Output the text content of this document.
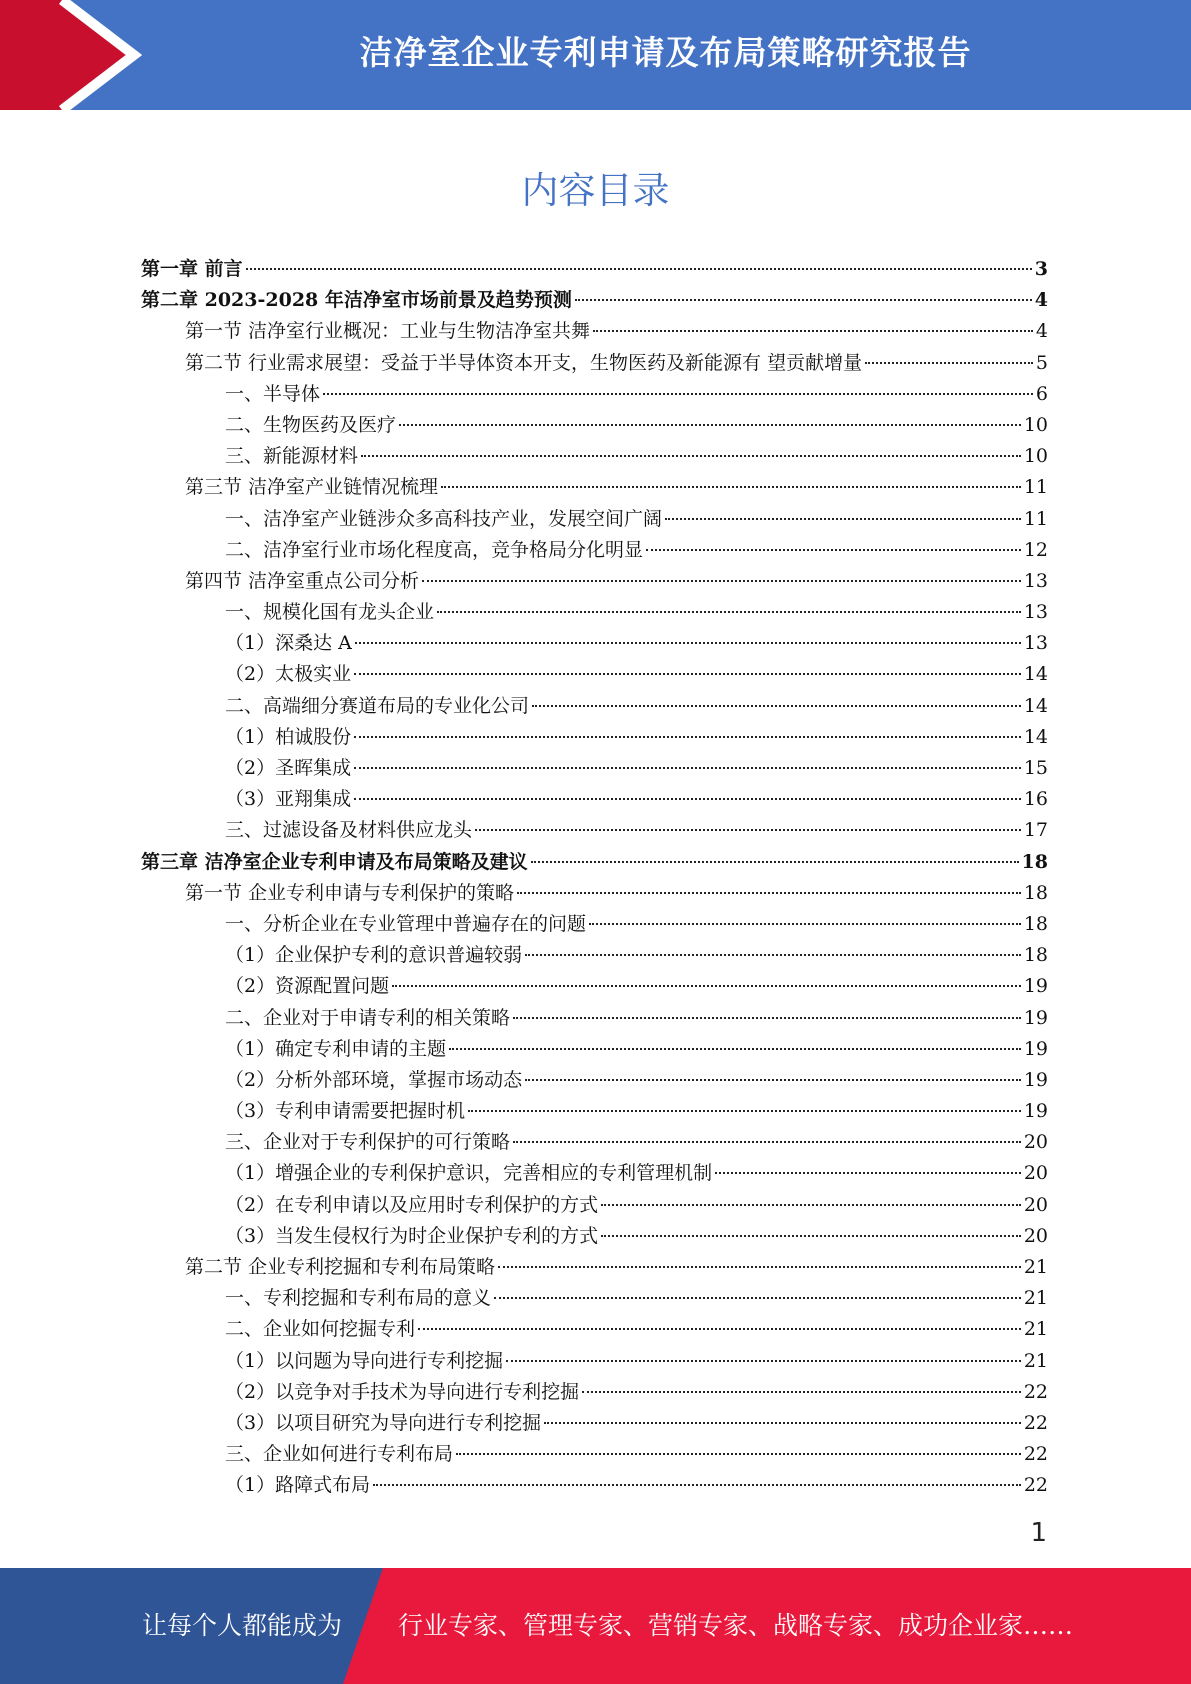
洁净室企业专利申请及布局策略研究报告
内容目录
第一章 前言	3
第二章 2023-2028 年洁净室市场前景及趋势预测	4
第一节 洁净室行业概况：工业与生物洁净室共舞	4
第二节 行业需求展望：受益于半导体资本开支，生物医药及新能源有 望贡献增量	5
一、半导体	6
二、生物医药及医疗	10
三、新能源材料	10
第三节 洁净室产业链情况梳理	11
一、洁净室产业链涉众多高科技产业，发展空间广阔	11
二、洁净室行业市场化程度高，竞争格局分化明显	12
第四节 洁净室重点公司分析	13
一、规模化国有龙头企业	13
（1）深桑达 A	13
（2）太极实业	14
二、高端细分赛道布局的专业化公司	14
（1）柏诚股份	14
（2）圣晖集成	15
（3）亚翔集成	16
三、过滤设备及材料供应龙头	17
第三章 洁净室企业专利申请及布局策略及建议	18
第一节 企业专利申请与专利保护的策略	18
一、分析企业在专业管理中普遍存在的问题	18
（1）企业保护专利的意识普遍较弱	18
（2）资源配置问题	19
二、企业对于申请专利的相关策略	19
（1）确定专利申请的主题	19
（2）分析外部环境，掌握市场动态	19
（3）专利申请需要把握时机	19
三、企业对于专利保护的可行策略	20
（1）增强企业的专利保护意识，完善相应的专利管理机制	20
（2）在专利申请以及应用时专利保护的方式	20
（3）当发生侵权行为时企业保护专利的方式	20
第二节 企业专利挖掘和专利布局策略	21
一、专利挖掘和专利布局的意义	21
二、企业如何挖掘专利	21
（1）以问题为导向进行专利挖掘	21
（2）以竞争对手技术为导向进行专利挖掘	22
（3）以项目研究为导向进行专利挖掘	22
三、企业如何进行专利布局	22
（1）路障式布局	22
1
让每个人都能成为 行业专家、管理专家、营销专家、战略专家、成功企业家……
